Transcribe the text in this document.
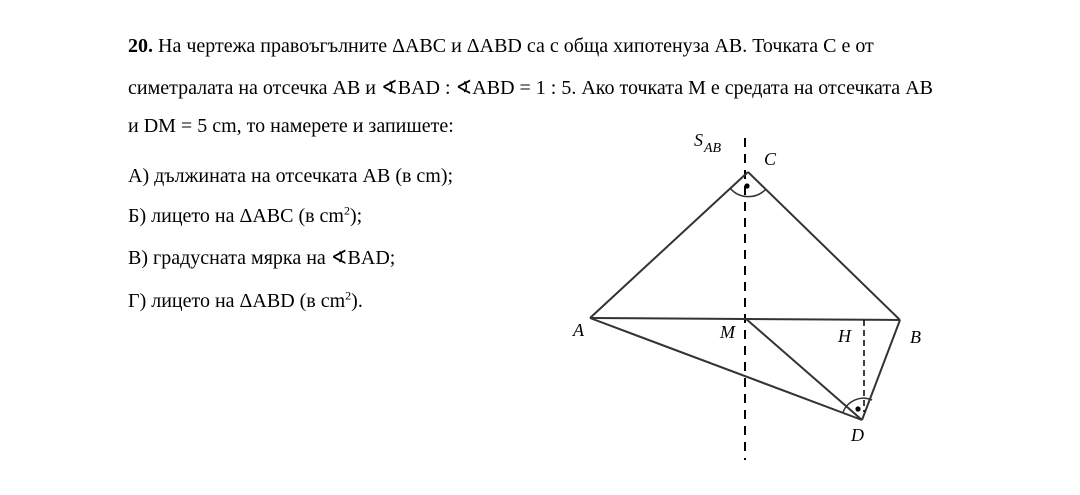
20. На чертежа правоъгълните ΔABC и ΔABD са с обща хипотенуза AB. Точката C е от
симетралата на отсечка AB и ∢BAD : ∢ABD = 1 : 5. Ако точката M е средата на отсечката AB
и DM = 5 cm, то намерете и запишете:
А) дължината на отсечката AB (в cm);
Б) лицето на ΔABC (в $cm^2$);
В) градусната мярка на ∢BAD;
Г) лицето на ΔABD (в $cm^2$).
S AB
C
A	M	H	B
D
